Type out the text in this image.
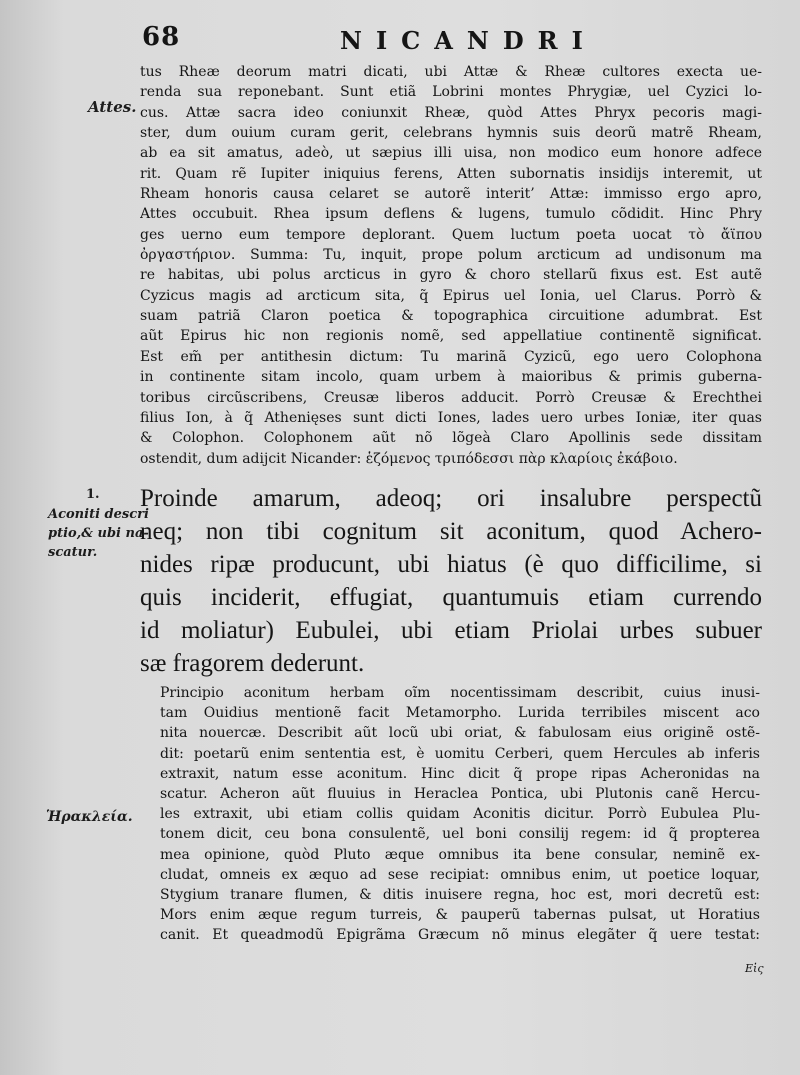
68	NICANDRI
Attes.
1.
Aconiti descri
ptio,& ubi na-
scatur.
Ἡρακλεία.
tus Rheæ deorum matri dicati, ubi Attæ & Rheæ cultores execta ue-
renda sua reponebant. Sunt etiã Lobrini montes Phrygiæ, uel Cyzici lo-
cus. Attæ sacra ideo coniunxit Rheæ, quòd Attes Phryx pecoris magi-
ster, dum ouium curam gerit, celebrans hymnis suis deorũ matrẽ Rheam,
ab ea sit amatus, adeò, ut sæpius illi uisa, non modico eum honore adfece
rit. Quam rẽ Iupiter iniquius ferens, Atten subornatis insidijs interemit, ut
Rheam honoris causa celaret se autorẽ interit’ Attæ: immisso ergo apro,
Attes occubuit. Rhea ipsum deflens & lugens, tumulo cõdidit. Hinc Phry
ges uerno eum tempore deplorant. Quem luctum poeta uocat τὸ ἄϊπου
ὀργαστήριον. Summa: Tu, inquit, prope polum arcticum ad undisonum ma
re habitas, ubi polus arcticus in gyro & choro stellarũ fixus est. Est autẽ
Cyzicus magis ad arcticum sita, q̃ Epirus uel Ionia, uel Clarus. Porrò &
suam patriã Claron poetica & topographica circuitione adumbrat. Est
aũt Epirus hic non regionis nomẽ, sed appellatiue continentẽ significat.
Est em̃ per antithesin dictum: Tu marinã Cyzicũ, ego uero Colophona
in continente sitam incolo, quam urbem à maioribus & primis guberna-
toribus circũscribens, Creusæ liberos adducit. Porrò Creusæ & Erechthei
filius Ion, à q̃ Athenięses sunt dicti Iones, lades uero urbes Ioniæ, iter quas
& Colophon. Colophonem aũt nõ lõgeà Claro Apollinis sede dissitam
ostendit, dum adijcit Nicander: ἑζόμενος τριπόδεσσι πὰρ κλαρίοις ἐκάβοιο.
Proinde amarum, adeoq; ori insalubre perspectũ
neq; non tibi cognitum sit aconitum, quod Achero-
nides ripæ producunt, ubi hiatus (è quo difficilime, si
quis inciderit, effugiat, quantumuis etiam currendo
id moliatur) Eubulei, ubi etiam Priolai urbes subuer
sæ fragorem dederunt.
Principio aconitum herbam oĩm nocentissimam describit, cuius inusi-
tam Ouidius mentionẽ facit Metamorpho. Lurida terribiles miscent aco
nita nouercæ. Describit aũt locũ ubi oriat, & fabulosam eius originẽ ostẽ-
dit: poetarũ enim sententia est, è uomitu Cerberi, quem Hercules ab inferis
extraxit, natum esse aconitum. Hinc dicit q̃ prope ripas Acheronidas na
scatur. Acheron aũt fluuius in Heraclea Pontica, ubi Plutonis canẽ Hercu-
les extraxit, ubi etiam collis quidam Aconitis dicitur. Porrò Eubulea Plu-
tonem dicit, ceu bona consulentẽ, uel boni consilij regem: id q̃ propterea
mea opinione, quòd Pluto æque omnibus ita bene consular, neminẽ ex-
cludat, omneis ex æquo ad sese recipiat: omnibus enim, ut poetice loquar,
Stygium tranare flumen, & ditis inuisere regna, hoc est, mori decretũ est:
Mors enim æque regum turreis, & pauperũ tabernas pulsat, ut Horatius
canit. Et queadmodũ Epigrãma Græcum nõ minus elegãter q̃ uere testat:
Εἰς
